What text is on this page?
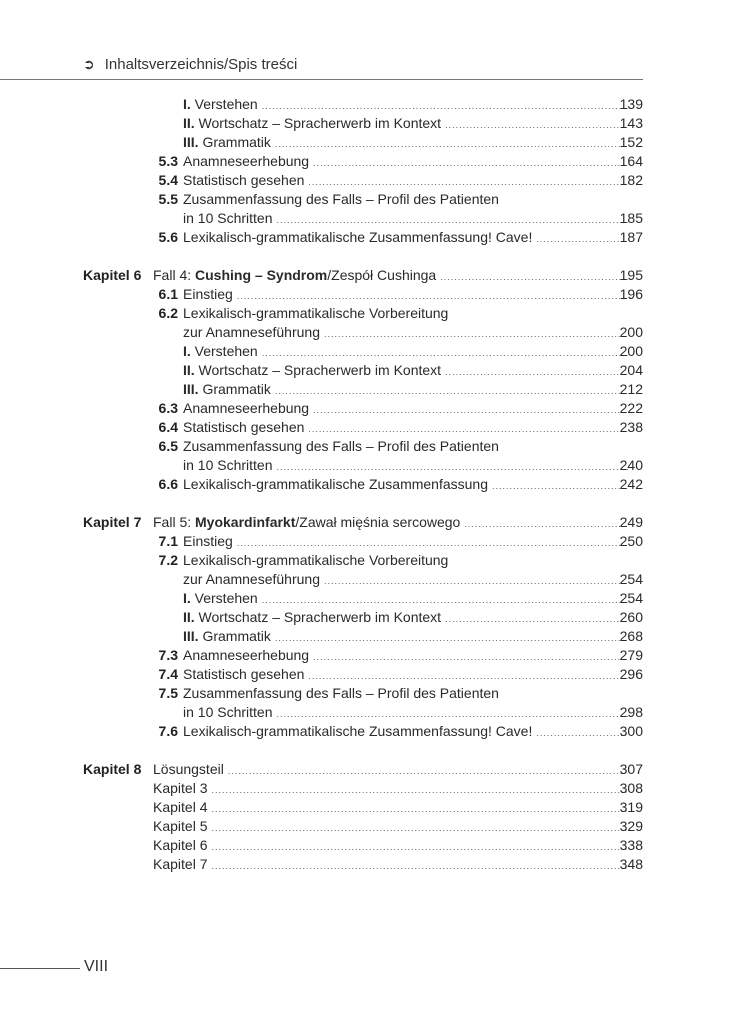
➲ Inhaltsverzeichnis/Spis treści
I. Verstehen .....	139
II. Wortschatz – Spracherwerb im Kontext .....	143
III. Grammatik .....	152
5.3 Anamneseerhebung .....	164
5.4 Statistisch gesehen .....	182
5.5 Zusammenfassung des Falls – Profil des Patienten
in 10 Schritten .....	185
5.6 Lexikalisch-grammatikalische Zusammenfassung! Cave! .....	187
Kapitel 6 Fall 4: Cushing – Syndrom/Zespół Cushinga .....	195
6.1 Einstieg .....	196
6.2 Lexikalisch-grammatikalische Vorbereitung
zur Anamneseführung .....	200
I. Verstehen .....	200
II. Wortschatz – Spracherwerb im Kontext .....	204
III. Grammatik .....	212
6.3 Anamneseerhebung .....	222
6.4 Statistisch gesehen .....	238
6.5 Zusammenfassung des Falls – Profil des Patienten
in 10 Schritten .....	240
6.6 Lexikalisch-grammatikalische Zusammenfassung .....	242
Kapitel 7 Fall 5: Myokardinfarkt/Zawał mięśnia sercowego .....	249
7.1 Einstieg .....	250
7.2 Lexikalisch-grammatikalische Vorbereitung
zur Anamneseführung .....	254
I. Verstehen .....	254
II. Wortschatz – Spracherwerb im Kontext .....	260
III. Grammatik .....	268
7.3 Anamneseerhebung .....	279
7.4 Statistisch gesehen .....	296
7.5 Zusammenfassung des Falls – Profil des Patienten
in 10 Schritten .....	298
7.6 Lexikalisch-grammatikalische Zusammenfassung! Cave! .....	300
Kapitel 8 Lösungsteil .....	307
Kapitel 3 .....	308
Kapitel 4 .....	319
Kapitel 5 .....	329
Kapitel 6 .....	338
Kapitel 7 .....	348
VIII
